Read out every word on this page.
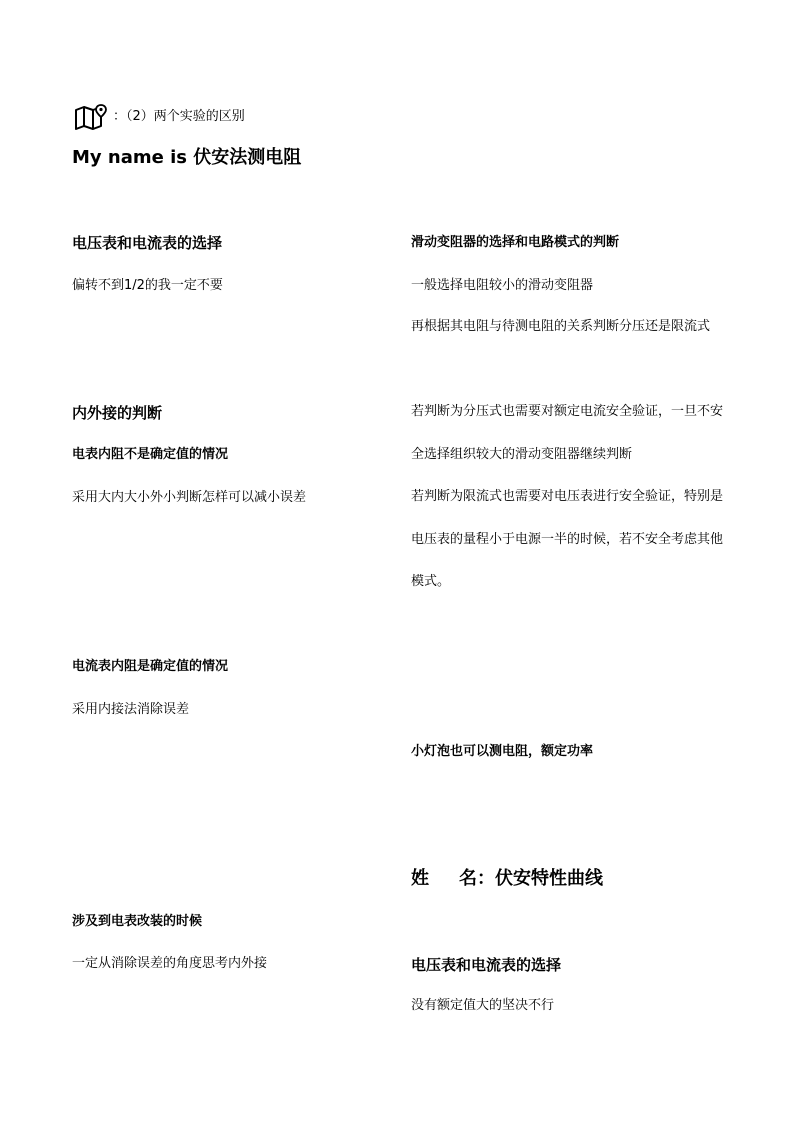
：（2）两个实验的区别
My name is 伏安法测电阻
电压表和电流表的选择
偏转不到1/2的我一定不要
内外接的判断
电表内阻不是确定值的情况
采用大内大小外小判断怎样可以减小误差
电流表内阻是确定值的情况
采用内接法消除误差
涉及到电表改装的时候
一定从消除误差的角度思考内外接
滑动变阻器的选择和电路模式的判断
一般选择电阻较小的滑动变阻器
再根据其电阻与待测电阻的关系判断分压还是限流式
若判断为分压式也需要对额定电流安全验证，一旦不安全选择组织较大的滑动变阻器继续判断
若判断为限流式也需要对电压表进行安全验证，特别是电压表的量程小于电源一半的时候，若不安全考虑其他模式。
小灯泡也可以测电阻，额定功率
姓 名：伏安特性曲线
电压表和电流表的选择
没有额定值大的坚决不行
